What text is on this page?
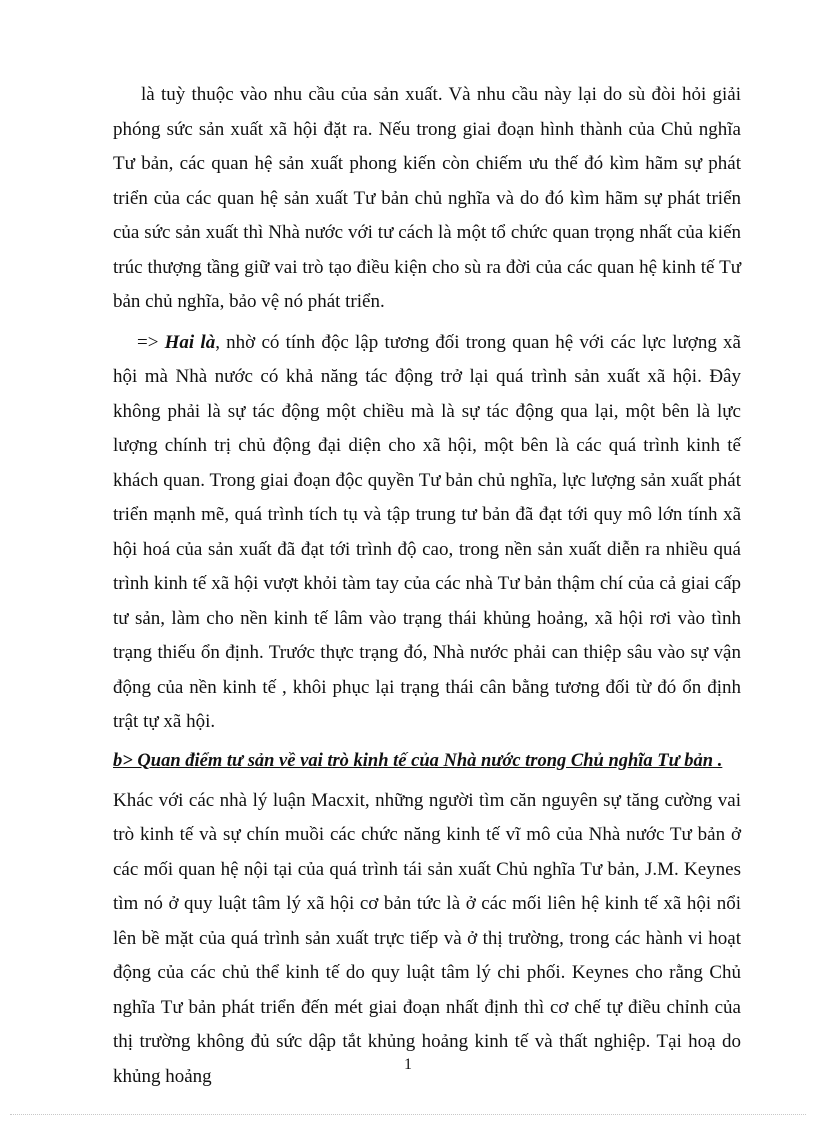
là tuỳ thuộc vào nhu cầu của sản xuất. Và nhu cầu này lại do sù đòi hỏi giải phóng sức sản xuất xã hội đặt ra. Nếu trong giai đoạn hình thành của Chủ nghĩa Tư bản, các quan hệ sản xuất phong kiến còn chiếm ưu thế đó kìm hãm sự phát triển của các quan hệ sản xuất Tư bản chủ nghĩa và do đó kìm hãm sự phát triển của sức sản xuất thì Nhà nước với tư cách là một tổ chức quan trọng nhất của kiến trúc thượng tầng giữ vai trò tạo điều kiện cho sù ra đời của các quan hệ kinh tế Tư bản chủ nghĩa, bảo vệ nó phát triển.

=> Hai là, nhờ có tính độc lập tương đối trong quan hệ với các lực lượng xã hội mà Nhà nước có khả năng tác động trở lại quá trình sản xuất xã hội. Đây không phải là sự tác động một chiều mà là sự tác động qua lại, một bên là lực lượng chính trị chủ động đại diện cho xã hội, một bên là các quá trình kinh tế khách quan. Trong giai đoạn độc quyền Tư bản chủ nghĩa, lực lượng sản xuất phát triển mạnh mẽ, quá trình tích tụ và tập trung tư bản đã đạt tới quy mô lớn tính xã hội hoá của sản xuất đã đạt tới trình độ cao, trong nền sản xuất diễn ra nhiều quá trình kinh tế xã hội vượt khỏi tàm tay của các nhà Tư bản thậm chí của cả giai cấp tư sản, làm cho nền kinh tế lâm vào trạng thái khủng hoảng, xã hội rơi vào tình trạng thiếu ổn định. Trước thực trạng đó, Nhà nước phải can thiệp sâu vào sự vận động của nền kinh tế , khôi phục lại trạng thái cân bằng tương đối từ đó ổn định trật tự xã hội.

b> Quan điểm tư sản về vai trò kinh tế của Nhà nước trong Chủ nghĩa Tư bản .

Khác với các nhà lý luận Macxit, những người tìm căn nguyên sự tăng cường vai trò kinh tế và sự chín muồi các chức năng kinh tế vĩ mô của Nhà nước Tư bản ở các mối quan hệ nội tại của quá trình tái sản xuất Chủ nghĩa Tư bản, J.M. Keynes tìm nó ở quy luật tâm lý xã hội cơ bản tức là ở các mối liên hệ kinh tế xã hội nổi lên bề mặt của quá trình sản xuất trực tiếp và ở thị trường, trong các hành vi hoạt động của các chủ thể kinh tế do quy luật tâm lý chi phối. Keynes cho rằng Chủ nghĩa Tư bản phát triển đến mét giai đoạn nhất định thì cơ chế tự điều chỉnh của thị trường không đủ sức dập tắt khủng hoảng kinh tế và thất nghiệp. Tại hoạ do khủng hoảng

1
